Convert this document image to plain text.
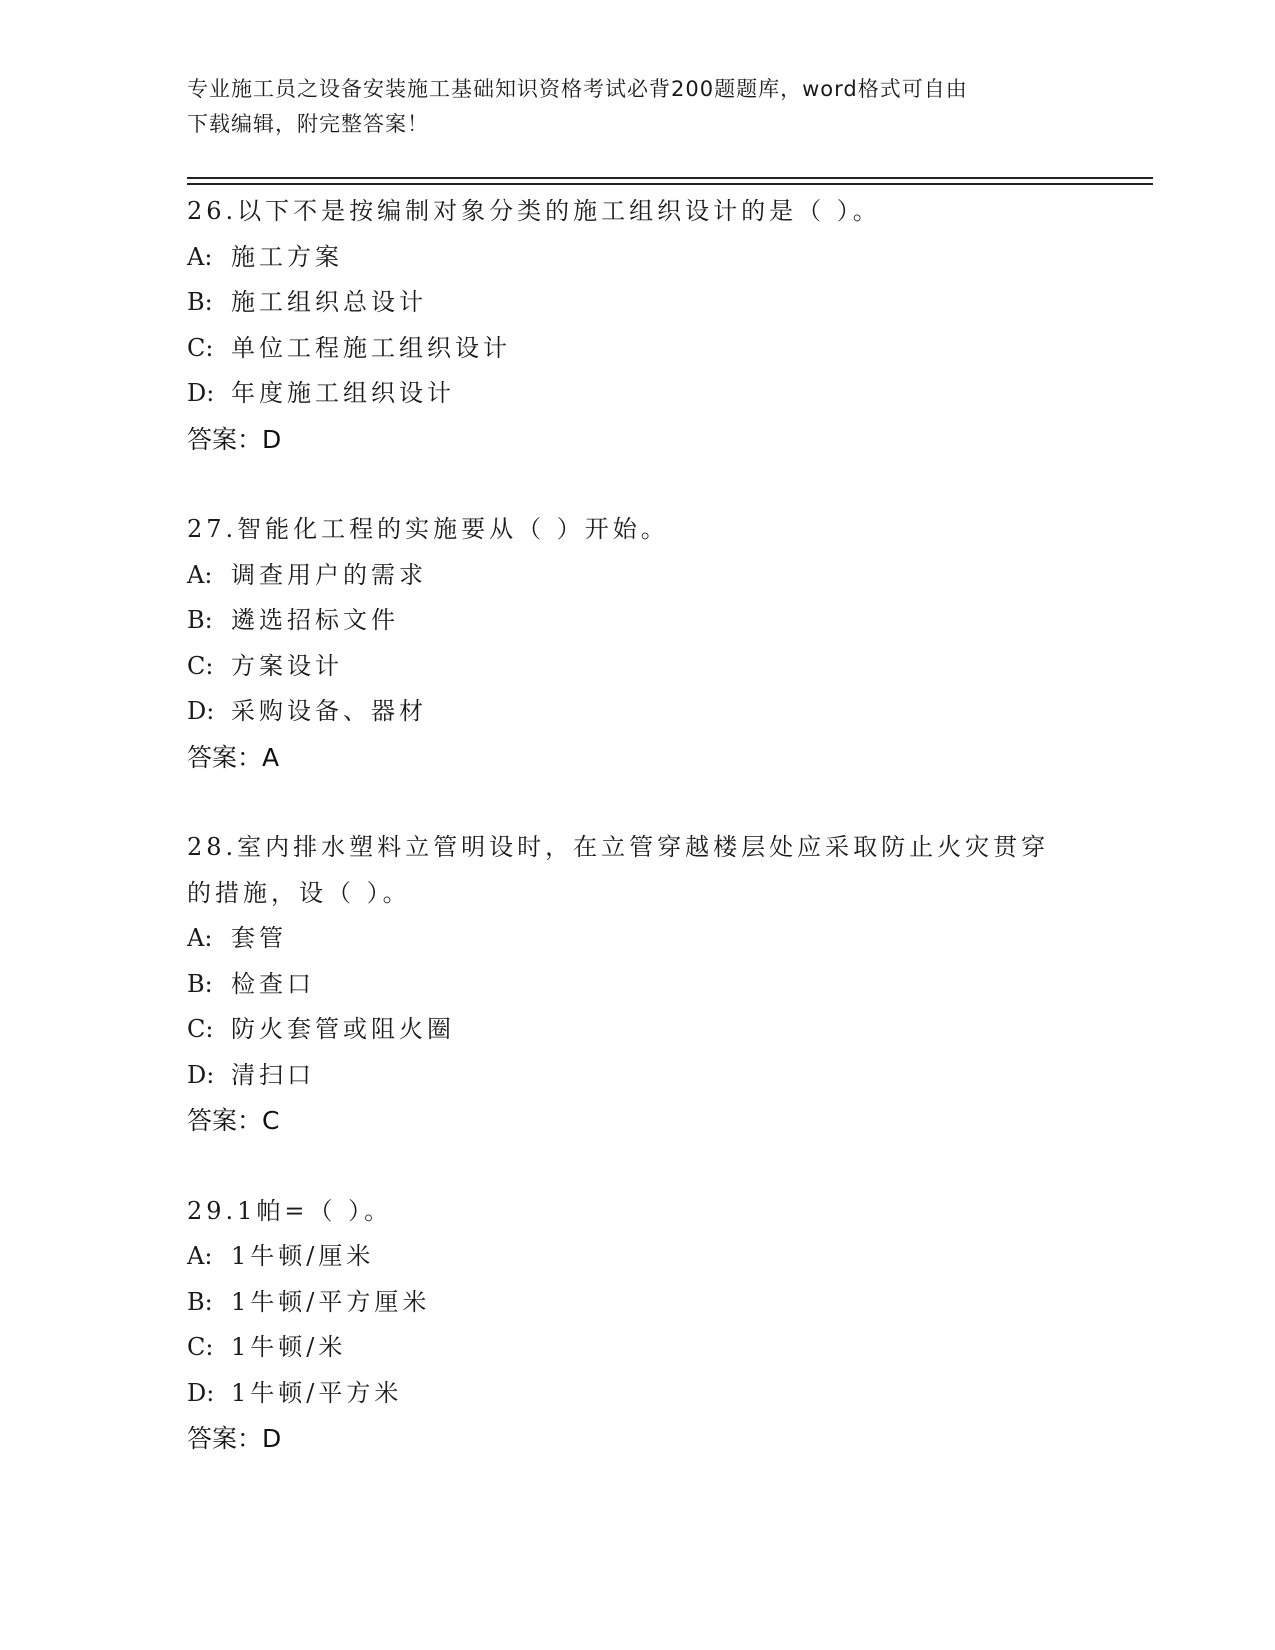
专业施工员之设备安装施工基础知识资格考试必背200题题库，word格式可自由
下载编辑，附完整答案！
26.以下不是按编制对象分类的施工组织设计的是（ ）。
A: 施工方案
B: 施工组织总设计
C: 单位工程施工组织设计
D: 年度施工组织设计
答案：D
27.智能化工程的实施要从（ ）开始。
A: 调查用户的需求
B: 遴选招标文件
C: 方案设计
D: 采购设备、器材
答案：A
28.室内排水塑料立管明设时，在立管穿越楼层处应采取防止火灾贯穿
的措施，设（ ）。
A: 套管
B: 检查口
C: 防火套管或阻火圈
D: 清扫口
答案：C
29.1帕=（ ）。
A: 1牛顿/厘米
B: 1牛顿/平方厘米
C: 1牛顿/米
D: 1牛顿/平方米
答案：D
